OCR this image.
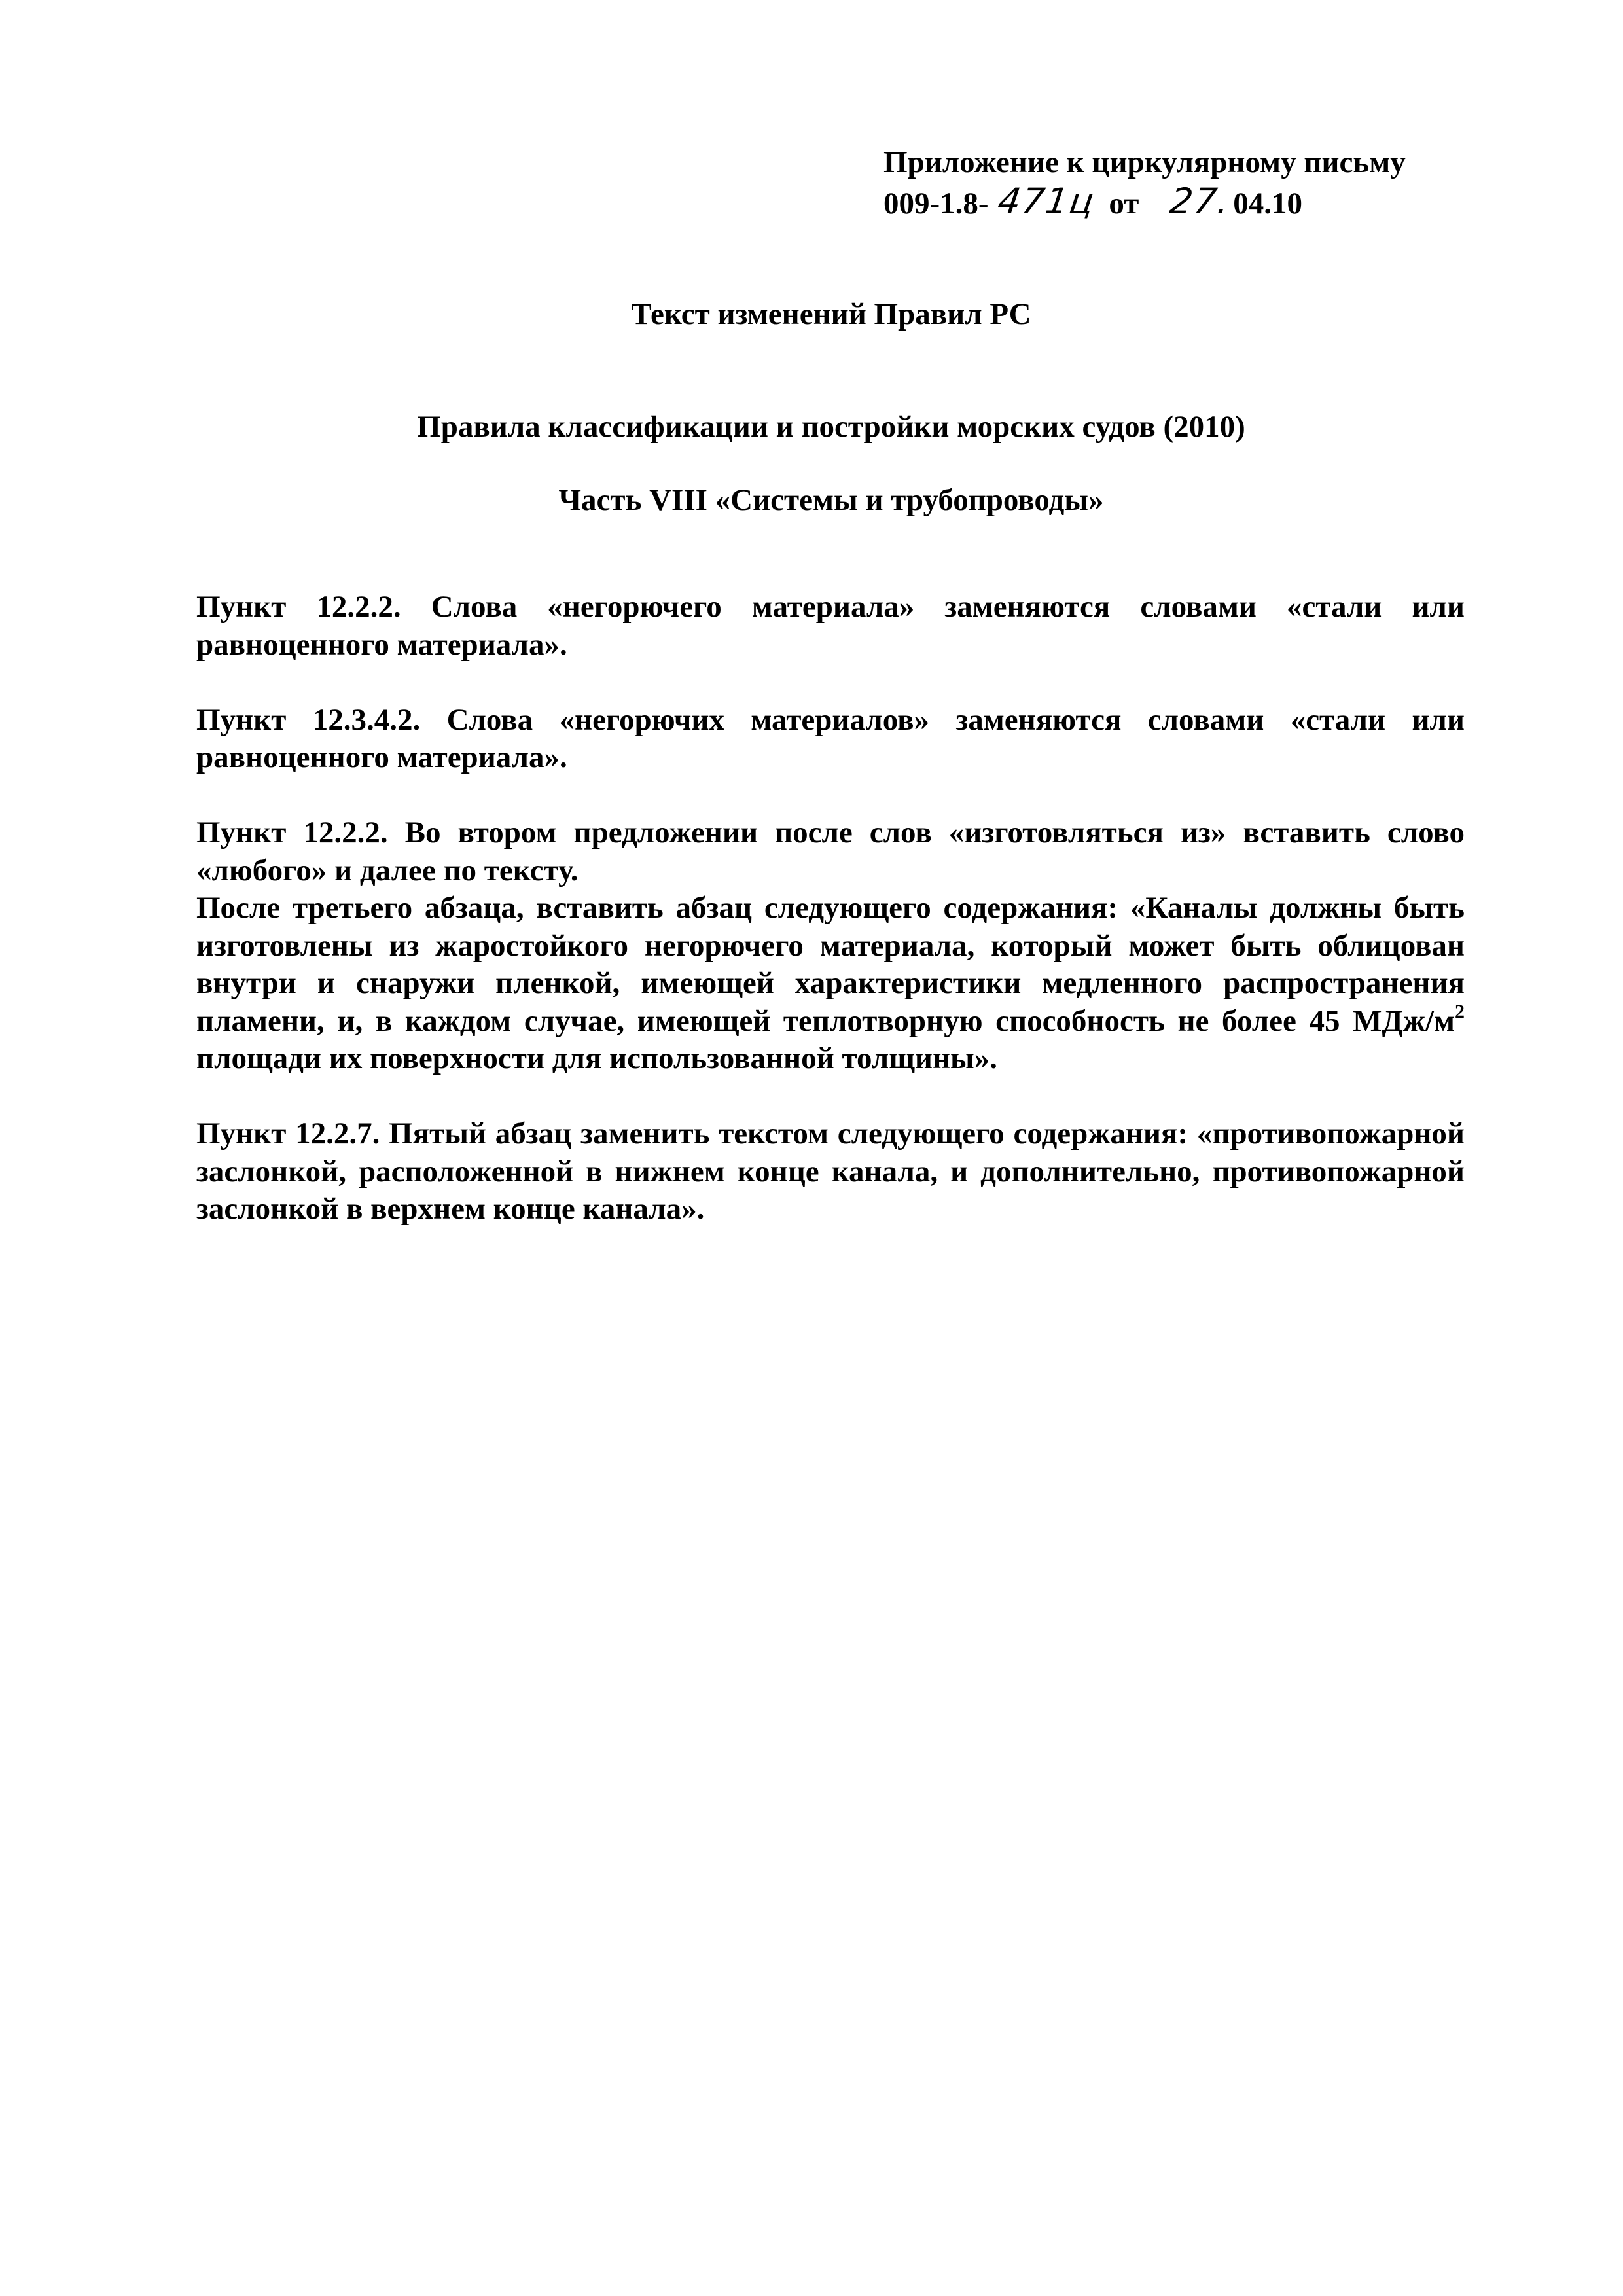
Приложение к циркулярному письму
009-1.8- 471ц от 27. 04.10
Текст изменений Правил РС
Правила классификации и постройки морских судов (2010)
Часть VIII «Системы и трубопроводы»

Пункт 12.2.2. Слова «негорючего материала» заменяются словами «стали или равноценного материала».

Пункт 12.3.4.2. Слова «негорючих материалов» заменяются словами «стали или равноценного материала».

Пункт 12.2.2. Во втором предложении после слов «изготовляться из» вставить слово «любого» и далее по тексту.

После третьего абзаца, вставить абзац следующего содержания: «Каналы должны быть изготовлены из жаростойкого негорючего материала, который может быть облицован внутри и снаружи пленкой, имеющей характеристики медленного распространения пламени, и, в каждом случае, имеющей теплотворную способность не более 45 МДж/$м^2$ площади их поверхности для использованной толщины».

Пункт 12.2.7. Пятый абзац заменить текстом следующего содержания: «противопожарной заслонкой, расположенной в нижнем конце канала, и дополнительно, противопожарной заслонкой в верхнем конце канала».
